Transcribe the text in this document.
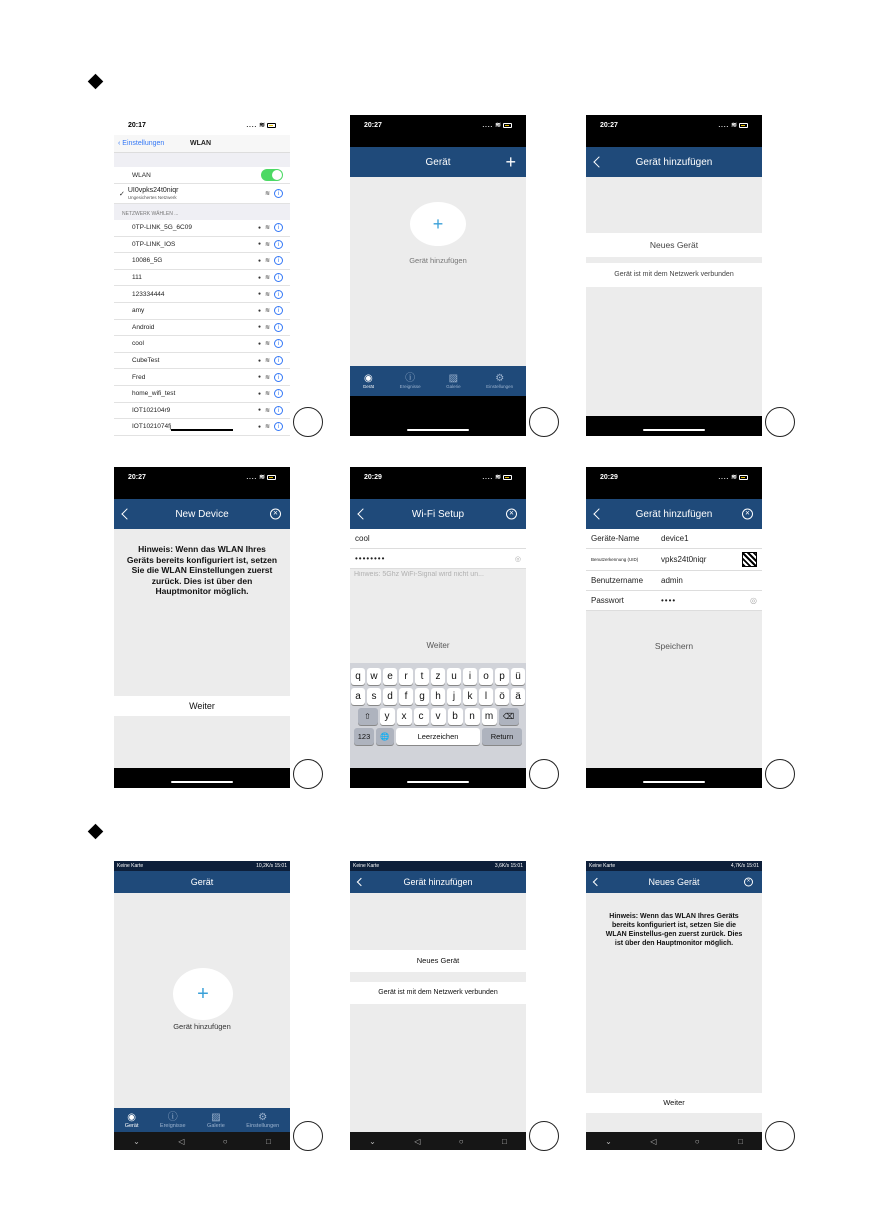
20:17	.... ≋
‹ Einstellungen	WLAN
WLAN
✓
UI0vpks24t0niqr
Ungesichertes Netzwerk	≋	i
NETZWERK WÄHLEN ...
0TP-LINK_5G_6C09	● ≋	i
0TP-LINK_IOS	● ≋	i
10086_5G	● ≋	i
111	● ≋	i
123334444	● ≋	i
amy	● ≋	i
Android	● ≋	i
cool	● ≋	i
CubeTest	● ≋	i
Fred	● ≋	i
home_wifi_test	● ≋	i
IOT102104r9	● ≋	i
IOT1021074fj	● ≋	i
20:27	.... ≋
Gerät	+
+
Gerät hinzufügen
◉
Gerät
ⓘ
Ereignisse
▨
Galerie
⚙
Einstellungen
20:27	.... ≋
Gerät hinzufügen
Neues Gerät
Gerät ist mit dem Netzwerk verbunden
20:27	.... ≋
New Device	×
Hinweis: Wenn das WLAN Ihres Geräts bereits konfiguriert ist, setzen Sie die WLAN Einstellungen zuerst zurück. Dies ist über den Hauptmonitor möglich.
Weiter
20:29	.... ≋
Wi-Fi Setup	×
cool
••••••••	◎
Hinweis: 5Ghz WiFi-Signal wird nicht un...
Weiter
q w e	r	t	z	u	i	o	p	ü
a	s	d	f	g	h	j	k	l	ö	ä
⇧	y	x	c	v	b	n	m	⌫
123	🌐	Leerzeichen	Return
20:29	.... ≋
Gerät hinzufügen	×
Geräte-Name	device1
Benutzerkennung (UID)	vpks24t0niqr
Benutzername	admin
Passwort	••••	◎
Speichern
Keine Karte	10,2K/s 15:01
Gerät
+
Gerät hinzufügen
◉
Gerät
ⓘ
Ereignisse
▨
Galerie
⚙
Einstellungen
⌄	◁	○	□
Keine Karte	3,6K/s 15:01
Gerät hinzufügen
Neues Gerät
Gerät ist mit dem Netzwerk verbunden
⌄	◁	○	□
Keine Karte	4,7K/s 15:01
Neues Gerät	×
Hinweis: Wenn das WLAN Ihres Geräts bereits konfiguriert ist, setzen Sie die WLAN Einstellus-gen zuerst zurück. Dies ist über den Hauptmonitor möglich.
Weiter
⌄	◁	○	□
